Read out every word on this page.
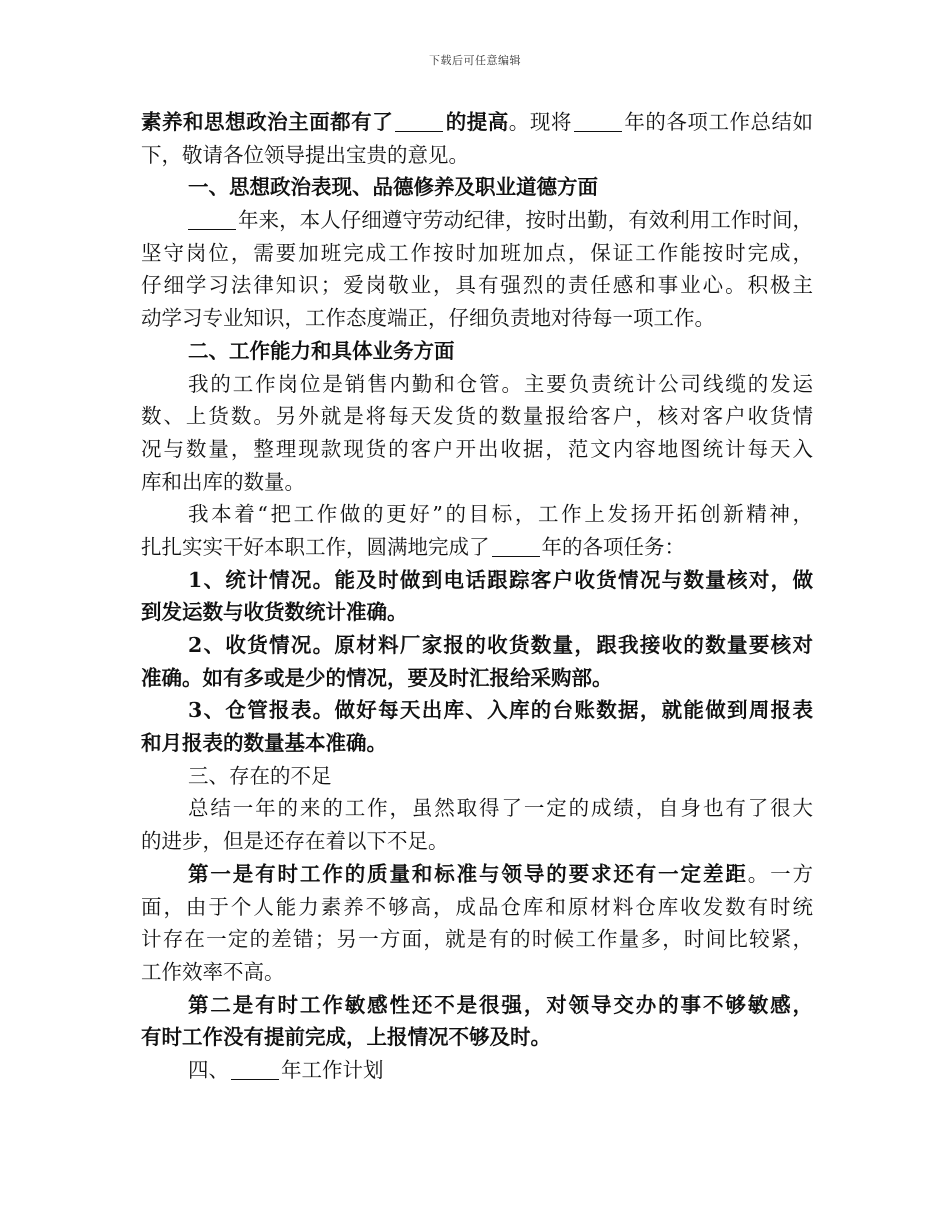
下载后可任意编辑
素养和思想政治主面都有了	的提高。现将	年的各项工作总结如
下，敬请各位领导提出宝贵的意见。
一、思想政治表现、品德修养及职业道德方面
年来，本人仔细遵守劳动纪律，按时出勤，有效利用工作时间，
坚守岗位，需要加班完成工作按时加班加点，保证工作能按时完成，
仔细学习法律知识；爱岗敬业，具有强烈的责任感和事业心。积极主
动学习专业知识，工作态度端正，仔细负责地对待每一项工作。
二、工作能力和具体业务方面
我的工作岗位是销售内勤和仓管。主要负责统计公司线缆的发运
数、上货数。另外就是将每天发货的数量报给客户，核对客户收货情
况与数量，整理现款现货的客户开出收据，范文内容地图统计每天入
库和出库的数量。
我本着“把工作做的更好”的目标，工作上发扬开拓创新精神，
扎扎实实干好本职工作，圆满地完成了	年的各项任务：
1、统计情况。能及时做到电话跟踪客户收货情况与数量核对，做
到发运数与收货数统计准确。
2、收货情况。原材料厂家报的收货数量，跟我接收的数量要核对
准确。如有多或是少的情况，要及时汇报给采购部。
3、仓管报表。做好每天出库、入库的台账数据，就能做到周报表
和月报表的数量基本准确。
三、存在的不足
总结一年的来的工作，虽然取得了一定的成绩，自身也有了很大
的进步，但是还存在着以下不足。
第一是有时工作的质量和标准与领导的要求还有一定差距。一方
面，由于个人能力素养不够高，成品仓库和原材料仓库收发数有时统
计存在一定的差错；另一方面，就是有的时候工作量多，时间比较紧，
工作效率不高。
第二是有时工作敏感性还不是很强，对领导交办的事不够敏感，
有时工作没有提前完成，上报情况不够及时。
四、	年工作计划
